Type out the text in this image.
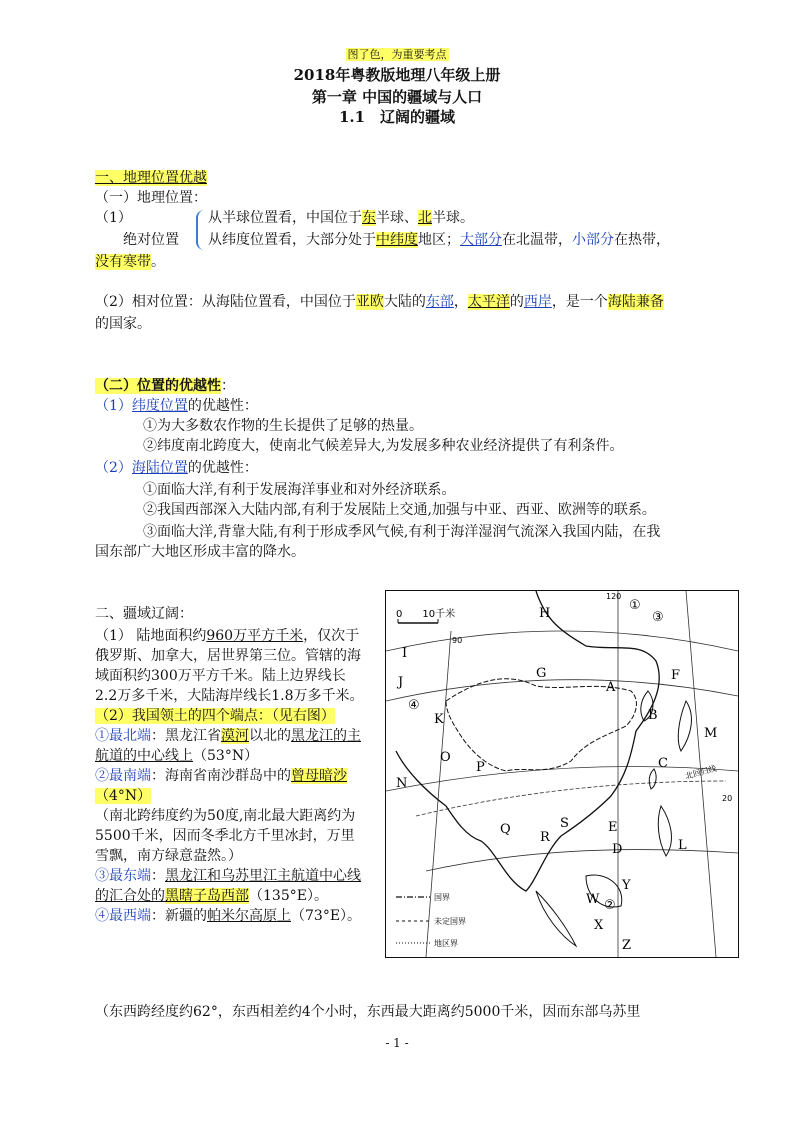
图了色，为重要考点
2018年粤教版地理八年级上册
第一章 中国的疆域与人口
1.1　辽阔的疆域
一、地理位置优越
（一）地理位置：
（1）
绝对位置
从半球位置看，中国位于东半球、北半球。
从纬度位置看，大部分处于中纬度地区；大部分在北温带，小部分在热带，
没有寒带。
（2）相对位置：从海陆位置看，中国位于亚欧大陆的东部，太平洋的西岸，是一个海陆兼备
的国家。
（二）位置的优越性：
（1）纬度位置的优越性：
①为大多数农作物的生长提供了足够的热量。
②纬度南北跨度大，使南北气候差异大,为发展多种农业经济提供了有利条件。
（2）海陆位置的优越性：
①面临大洋,有利于发展海洋事业和对外经济联系。
②我国西部深入大陆内部,有利于发展陆上交通,加强与中亚、西亚、欧洲等的联系。
③面临大洋,背靠大陆,有利于形成季风气候,有利于海洋湿润气流深入我国内陆，在我
国东部广大地区形成丰富的降水。
二、疆域辽阔：
（1） 陆地面积约960万平方千米，仅次于俄罗斯、加拿大，居世界第三位。管辖的海域面积约300万平方千米。陆上边界线长2.2万多千米，大陆海岸线长1.8万多千米。
（2）我国领土的四个端点：（见右图）
①最北端：黑龙江省漠河以北的黑龙江的主航道的中心线上（53°N）
②最南端：海南省南沙群岛中的曾母暗沙（4°N）
（南北跨纬度约为50度,南北最大距离约为5500千米，因而冬季北方千里冰封，万里雪飘，南方绿意盎然。）
③最东端：黑龙江和乌苏里江主航道中心线的汇合处的黑瞎子岛西部（135°E）。
④最西端：新疆的帕米尔高原上（73°E）。
（东西跨经度约62°，东西相差约4个小时，东西最大距离约5000千米，因而东部乌苏里
0　　10千米
90
120
20
北回归线
H
G
A
F
B
C
D
E
I
J
K
L
M
N
O
P
Q
R
S
W
X
Y
Z
①
②
③
④
国界
未定国界
地区界
- 1 -
